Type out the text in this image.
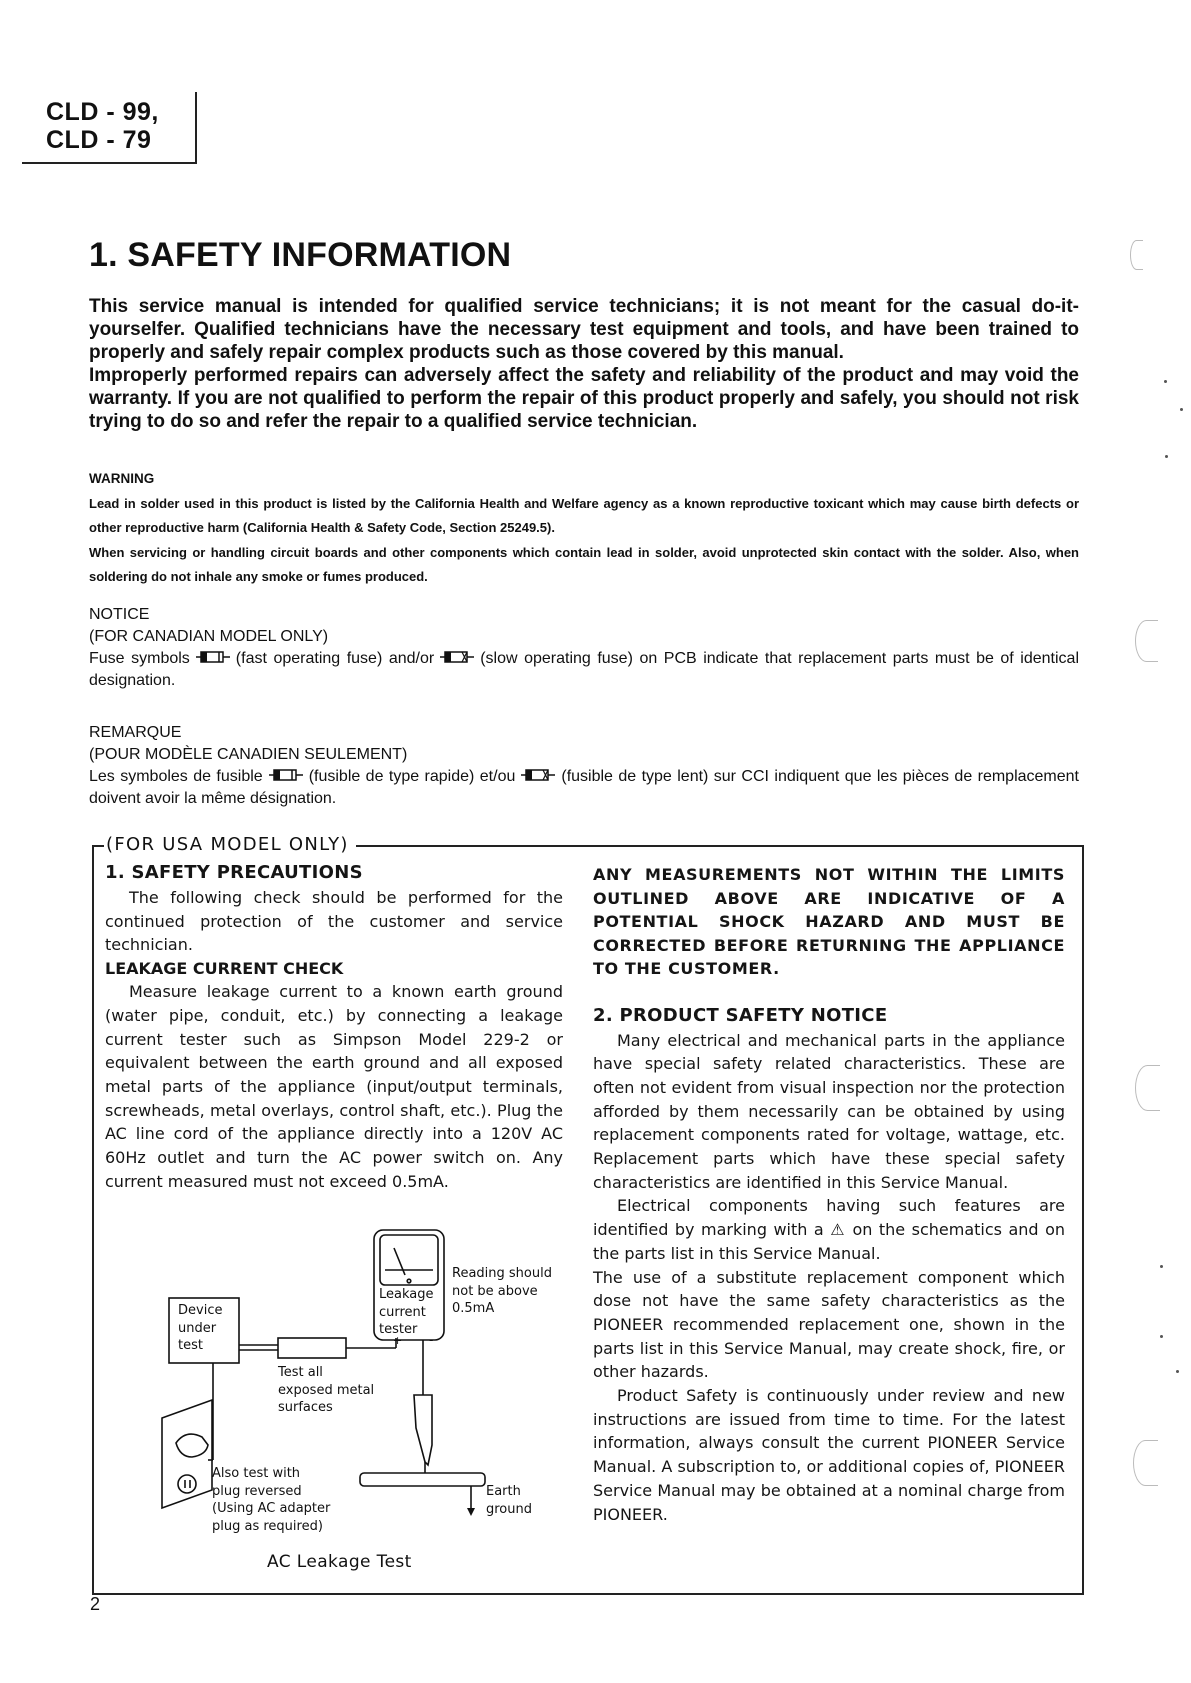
CLD - 99,
CLD - 79
1. SAFETY INFORMATION

This service manual is intended for qualified service technicians; it is not meant for the casual do-it-yourselfer. Qualified technicians have the necessary test equipment and tools, and have been trained to properly and safely repair complex products such as those covered by this manual.

Improperly performed repairs can adversely affect the safety and reliability of the product and may void the warranty. If you are not qualified to perform the repair of this product properly and safely, you should not risk trying to do so and refer the repair to a qualified service technician.

WARNING

Lead in solder used in this product is listed by the California Health and Welfare agency as a known reproductive toxicant which may cause birth defects or other reproductive harm (California Health & Safety Code, Section 25249.5).

When servicing or handling circuit boards and other components which contain lead in solder, avoid unprotected skin contact with the solder. Also, when soldering do not inhale any smoke or fumes produced.

NOTICE

(FOR CANADIAN MODEL ONLY)

Fuse symbols	(fast operating fuse) and/or	(slow operating fuse) on PCB indicate that replacement parts must be of identical designation.

REMARQUE

(POUR MODÈLE CANADIEN SEULEMENT)

Les symboles de fusible	(fusible de type rapide) et/ou	(fusible de type lent) sur CCI indiquent que les pièces de remplacement doivent avoir la même désignation.

(FOR USA MODEL ONLY)
1. SAFETY PRECAUTIONS

The following check should be performed for the continued protection of the customer and service technician.

LEAKAGE CURRENT CHECK

Measure leakage current to a known earth ground (water pipe, conduit, etc.) by connecting a leakage current tester such as Simpson Model 229-2 or equivalent between the earth ground and all exposed metal parts of the appliance (input/output terminals, screwheads, metal overlays, control shaft, etc.). Plug the AC line cord of the appliance directly into a 120V AC 60Hz outlet and turn the AC power switch on. Any current measured must not exceed 0.5mA.

Device
under
test
Leakage
current
tester
Reading should
not be above
0.5mA
+ -
Test all
exposed metal
surfaces
Also test with
plug reversed
(Using AC adapter
plug as required)
Earth
ground
AC Leakage Test

ANY MEASUREMENTS NOT WITHIN THE LIMITS OUTLINED ABOVE ARE INDICATIVE OF A POTENTIAL SHOCK HAZARD AND MUST BE CORRECTED BEFORE RETURNING THE APPLIANCE TO THE CUSTOMER.

2. PRODUCT SAFETY NOTICE

Many electrical and mechanical parts in the appliance have special safety related characteristics. These are often not evident from visual inspection nor the protection afforded by them necessarily can be obtained by using replacement components rated for voltage, wattage, etc. Replacement parts which have these special safety characteristics are identified in this Service Manual.

Electrical components having such features are identified by marking with a ⚠ on the schematics and on the parts list in this Service Manual.

The use of a substitute replacement component which dose not have the same safety characteristics as the PIONEER recommended replacement one, shown in the parts list in this Service Manual, may create shock, fire, or other hazards.

Product Safety is continuously under review and new instructions are issued from time to time. For the latest information, always consult the current PIONEER Service Manual. A subscription to, or additional copies of, PIONEER Service Manual may be obtained at a nominal charge from PIONEER.

2
